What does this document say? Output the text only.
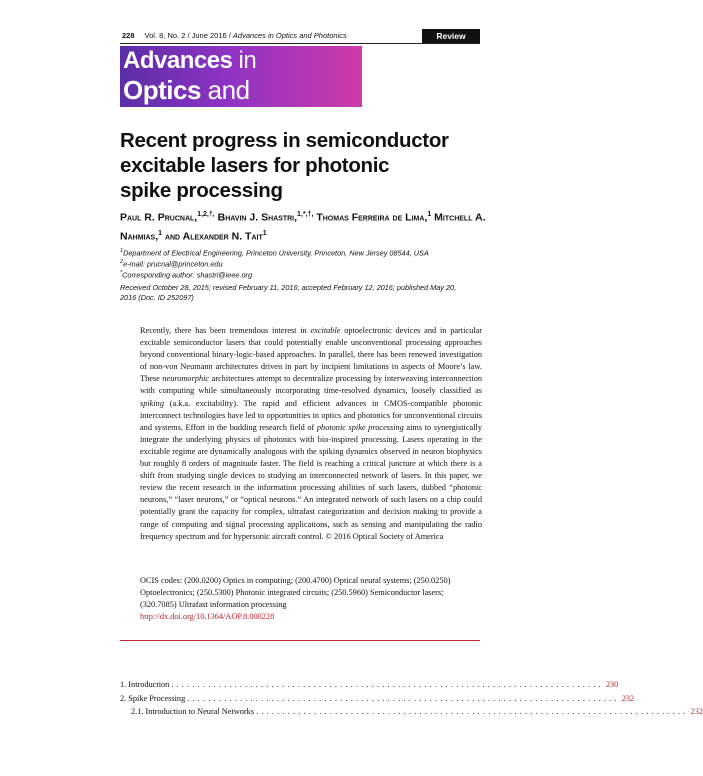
228 Vol. 8, No. 2 / June 2016 / Advances in Optics and Photonics	Review
Advances in
Optics and Photonics
Recent progress in semiconductor
excitable lasers for photonic
spike processing
Paul R. Prucnal,$^{1,2,\dagger,}$ Bhavin J. Shastri,$^{1,*,\dagger,}$ Thomas Ferreira de Lima,$^1$ Mitchell A. Nahmias,$^1$ and Alexander N. Tait$^1$
$^1$Department of Electrical Engineering, Princeton University, Princeton, New Jersey 08544, USA
$^2$e-mail: prucnal@princeton.edu
*Corresponding author: shastri@ieee.org
Received October 28, 2015; revised February 11, 2016; accepted February 12, 2016; published May 20, 2016 (Doc. ID 252097)
Recently, there has been tremendous interest in excitable optoelectronic devices and in particular excitable semiconductor lasers that could potentially enable unconventional processing approaches beyond conventional binary-logic-based approaches. In parallel, there has been renewed investigation of non-von Neumann architectures driven in part by incipient limitations in aspects of Moore’s law. These neuromorphic architectures attempt to decentralize processing by interweaving interconnection with computing while simultaneously incorporating time-resolved dynamics, loosely classified as spiking (a.k.a. excitability). The rapid and efficient advances in CMOS-compatible photonic interconnect technologies have led to opportunities in optics and photonics for unconventional circuits and systems. Effort in the budding research field of photonic spike processing aims to synergistically integrate the underlying physics of photonics with bio-inspired processing. Lasers operating in the excitable regime are dynamically analogous with the spiking dynamics observed in neuron biophysics but roughly 8 orders of magnitude faster. The field is reaching a critical juncture at which there is a shift from studying single devices to studying an interconnected network of lasers. In this paper, we review the recent research in the information processing abilities of such lasers, dubbed “photonic neurons,” “laser neurons,” or “optical neurons.” An integrated network of such lasers on a chip could potentially grant the capacity for complex, ultrafast categorization and decision making to provide a range of computing and signal processing applications, such as sensing and manipulating the radio frequency spectrum and for hypersonic aircraft control. © 2016 Optical Society of America
OCIS codes: (200.0200) Optics in computing; (200.4700) Optical neural systems; (250.0250) Optoelectronics; (250.5300) Photonic integrated circuits; (250.5960) Semiconductor lasers; (320.7085) Ultrafast information processing
http://dx.doi.org/10.1364/AOP.8.000228
1. Introduction .................................................................................. 230
2. Spike Processing .................................................................................. 232
2.1. Introduction to Neural Networks .................................................................................. 232
